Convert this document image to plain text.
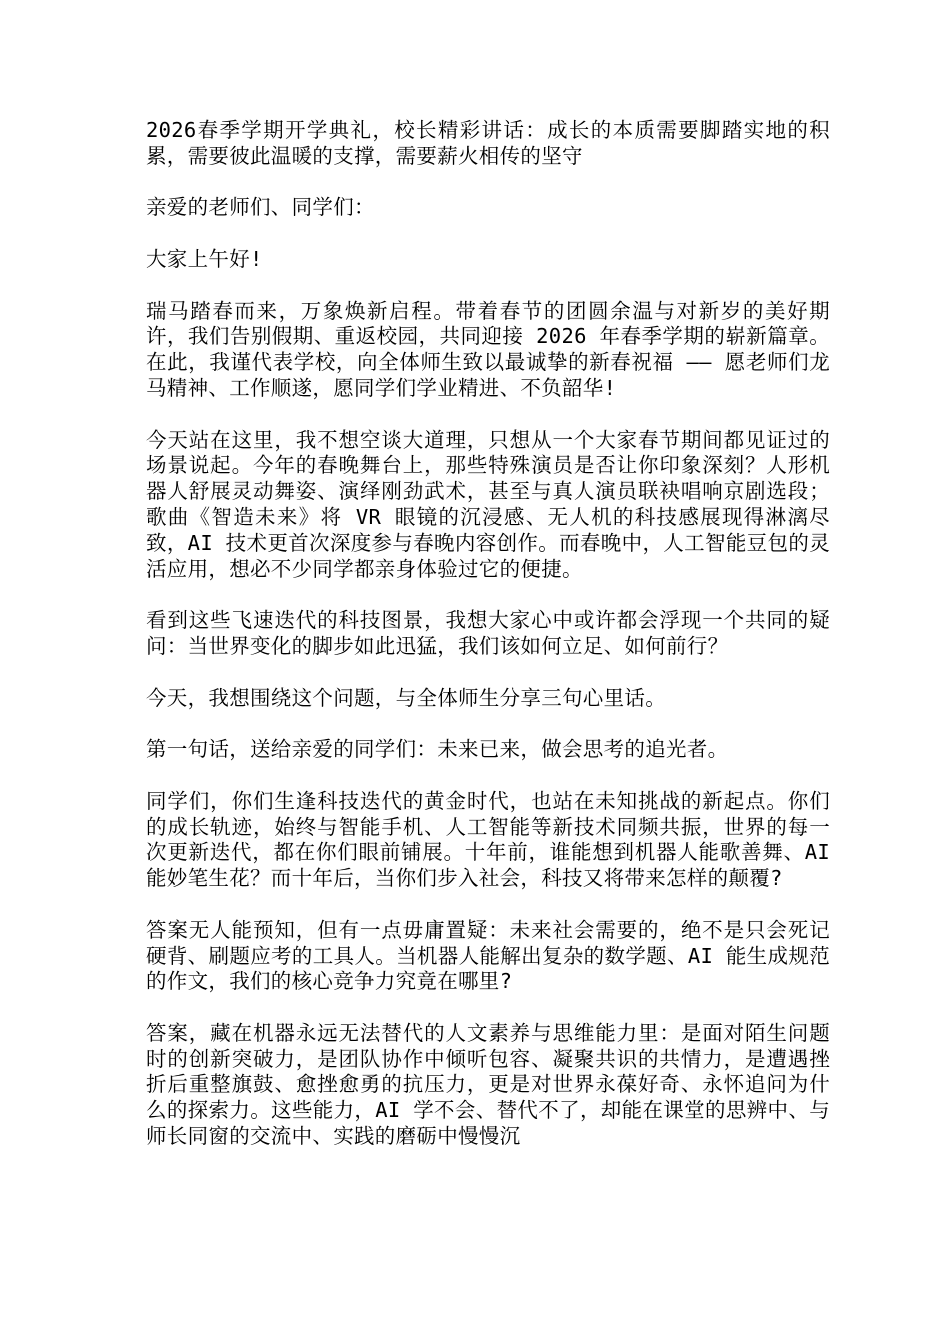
2026春季学期开学典礼，校长精彩讲话：成长的本质需要脚踏实地的积累，需要彼此温暖的支撑，需要薪火相传的坚守

亲爱的老师们、同学们：

大家上午好!

瑞马踏春而来，万象焕新启程。带着春节的团圆余温与对新岁的美好期许，我们告别假期、重返校园，共同迎接 2026 年春季学期的崭新篇章。在此，我谨代表学校，向全体师生致以最诚挚的新春祝福 —— 愿老师们龙马精神、工作顺遂，愿同学们学业精进、不负韶华!

今天站在这里，我不想空谈大道理，只想从一个大家春节期间都见证过的场景说起。今年的春晚舞台上，那些特殊演员是否让你印象深刻？人形机器人舒展灵动舞姿、演绎刚劲武术，甚至与真人演员联袂唱响京剧选段；歌曲《智造未来》将 VR 眼镜的沉浸感、无人机的科技感展现得淋漓尽致，AI 技术更首次深度参与春晚内容创作。而春晚中，人工智能豆包的灵活应用，想必不少同学都亲身体验过它的便捷。

看到这些飞速迭代的科技图景，我想大家心中或许都会浮现一个共同的疑问：当世界变化的脚步如此迅猛，我们该如何立足、如何前行？

今天，我想围绕这个问题，与全体师生分享三句心里话。

第一句话，送给亲爱的同学们：未来已来，做会思考的追光者。

同学们，你们生逢科技迭代的黄金时代，也站在未知挑战的新起点。你们的成长轨迹，始终与智能手机、人工智能等新技术同频共振，世界的每一次更新迭代，都在你们眼前铺展。十年前，谁能想到机器人能歌善舞、AI 能妙笔生花？而十年后，当你们步入社会，科技又将带来怎样的颠覆?

答案无人能预知，但有一点毋庸置疑：未来社会需要的，绝不是只会死记硬背、刷题应考的工具人。当机器人能解出复杂的数学题、AI 能生成规范的作文，我们的核心竞争力究竟在哪里?

答案，藏在机器永远无法替代的人文素养与思维能力里：是面对陌生问题时的创新突破力，是团队协作中倾听包容、凝聚共识的共情力，是遭遇挫折后重整旗鼓、愈挫愈勇的抗压力，更是对世界永葆好奇、永怀追问为什么的探索力。这些能力，AI 学不会、替代不了，却能在课堂的思辨中、与师长同窗的交流中、实践的磨砺中慢慢沉
